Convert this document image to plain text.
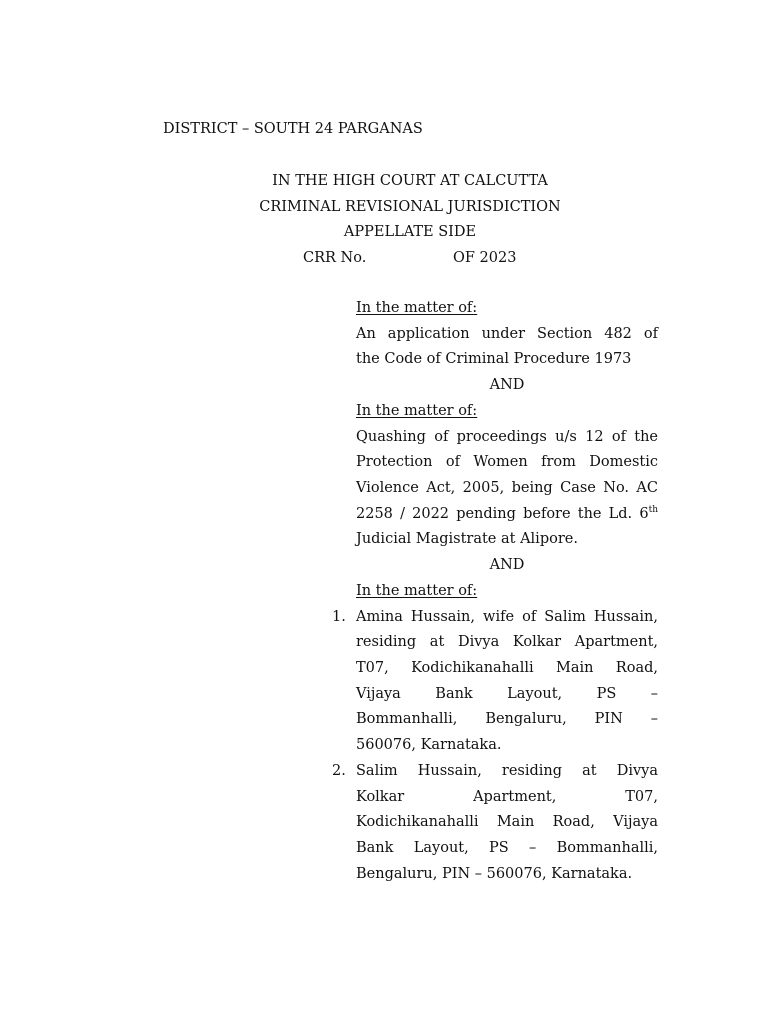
DISTRICT – SOUTH 24 PARGANAS
IN THE HIGH COURT AT CALCUTTA
CRIMINAL REVISIONAL JURISDICTION
APPELLATE SIDE
CRR No.	OF 2023
In the matter of:
An application under Section 482 of
the Code of Criminal Procedure 1973
AND
In the matter of:
Quashing of proceedings u/s 12 of the
Protection of Women from Domestic
Violence Act, 2005, being Case No. AC
2258 / 2022 pending before the Ld. 6th
Judicial Magistrate at Alipore.
AND
In the matter of:
1. Amina Hussain, wife of Salim Hussain,
residing at Divya Kolkar Apartment,
T07, Kodichikanahalli Main Road,
Vijaya Bank Layout, PS –
Bommanhalli, Bengaluru, PIN –
560076, Karnataka.
2. Salim Hussain, residing at Divya
Kolkar Apartment, T07,
Kodichikanahalli Main Road, Vijaya
Bank Layout, PS – Bommanhalli,
Bengaluru, PIN – 560076, Karnataka.
